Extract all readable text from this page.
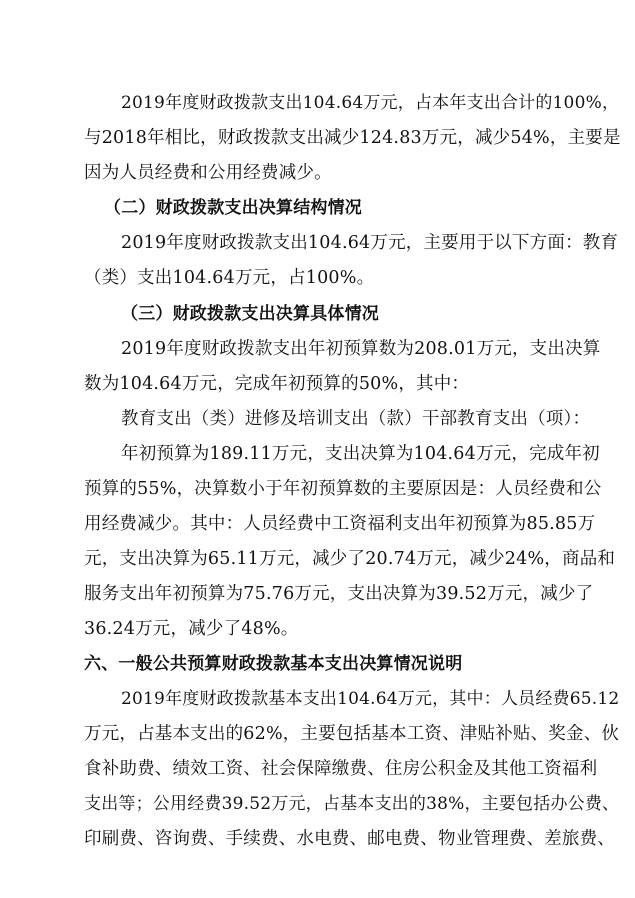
2019年度财政拨款支出104.64万元，占本年支出合计的100%，
与2018年相比，财政拨款支出减少124.83万元，减少54%，主要是
因为人员经费和公用经费减少。
（二）财政拨款支出决算结构情况
2019年度财政拨款支出104.64万元，主要用于以下方面：教育
（类）支出104.64万元，占100%。
（三）财政拨款支出决算具体情况
2019年度财政拨款支出年初预算数为208.01万元，支出决算
数为104.64万元，完成年初预算的50%，其中：
教育支出（类）进修及培训支出（款）干部教育支出（项）：
年初预算为189.11万元，支出决算为104.64万元，完成年初
预算的55%，决算数小于年初预算数的主要原因是：人员经费和公
用经费减少。其中：人员经费中工资福利支出年初预算为85.85万
元，支出决算为65.11万元，减少了20.74万元，减少24%，商品和
服务支出年初预算为75.76万元，支出决算为39.52万元，减少了
36.24万元，减少了48%。
六、一般公共预算财政拨款基本支出决算情况说明
2019年度财政拨款基本支出104.64万元，其中：人员经费65.12
万元，占基本支出的62%，主要包括基本工资、津贴补贴、奖金、伙
食补助费、绩效工资、社会保障缴费、住房公积金及其他工资福利
支出等；公用经费39.52万元，占基本支出的38%，主要包括办公费、
印刷费、咨询费、手续费、水电费、邮电费、物业管理费、差旅费、
